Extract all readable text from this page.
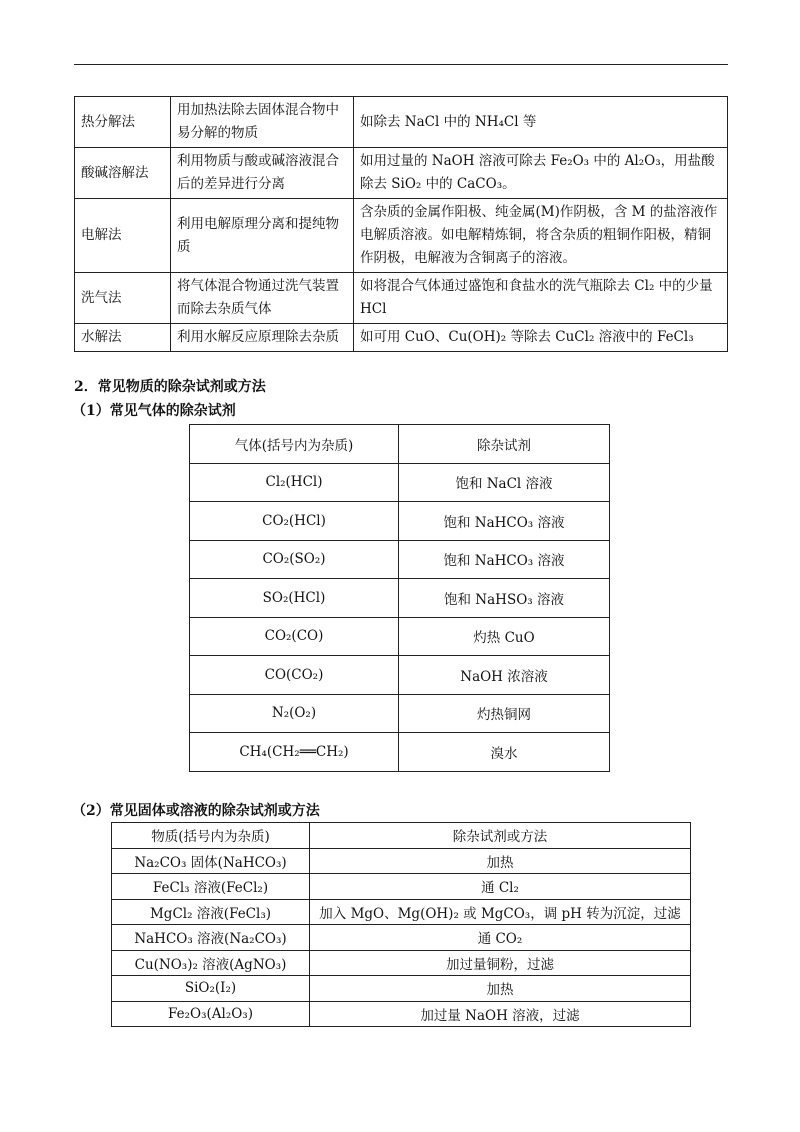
热分解法	用加热法除去固体混合物中易分解的物质	如除去 NaCl 中的 NH₄Cl 等
酸碱溶解法	利用物质与酸或碱溶液混合后的差异进行分离	如用过量的 NaOH 溶液可除去 Fe₂O₃ 中的 Al₂O₃，用盐酸除去 SiO₂ 中的 CaCO₃。
电解法	利用电解原理分离和提纯物质	含杂质的金属作阳极、纯金属(M)作阴极，含 M 的盐溶液作电解质溶液。如电解精炼铜，将含杂质的粗铜作阳极，精铜作阴极，电解液为含铜离子的溶液。
洗气法	将气体混合物通过洗气装置而除去杂质气体	如将混合气体通过盛饱和食盐水的洗气瓶除去 Cl₂ 中的少量 HCl
水解法	利用水解反应原理除去杂质	如可用 CuO、Cu(OH)₂ 等除去 CuCl₂ 溶液中的 FeCl₃
2．常见物质的除杂试剂或方法
（1）常见气体的除杂试剂
气体(括号内为杂质)	除杂试剂
Cl₂(HCl)	饱和 NaCl 溶液
CO₂(HCl)	饱和 NaHCO₃ 溶液
CO₂(SO₂)	饱和 NaHCO₃ 溶液
SO₂(HCl)	饱和 NaHSO₃ 溶液
CO₂(CO)	灼热 CuO
CO(CO₂)	NaOH 浓溶液
N₂(O₂)	灼热铜网
CH₄(CH₂══CH₂)	溴水
（2）常见固体或溶液的除杂试剂或方法
物质(括号内为杂质)	除杂试剂或方法
Na₂CO₃ 固体(NaHCO₃)	加热
FeCl₃ 溶液(FeCl₂)	通 Cl₂
MgCl₂ 溶液(FeCl₃)	加入 MgO、Mg(OH)₂ 或 MgCO₃，调 pH 转为沉淀，过滤
NaHCO₃ 溶液(Na₂CO₃)	通 CO₂
Cu(NO₃)₂ 溶液(AgNO₃)	加过量铜粉，过滤
SiO₂(I₂)	加热
Fe₂O₃(Al₂O₃)	加过量 NaOH 溶液，过滤
